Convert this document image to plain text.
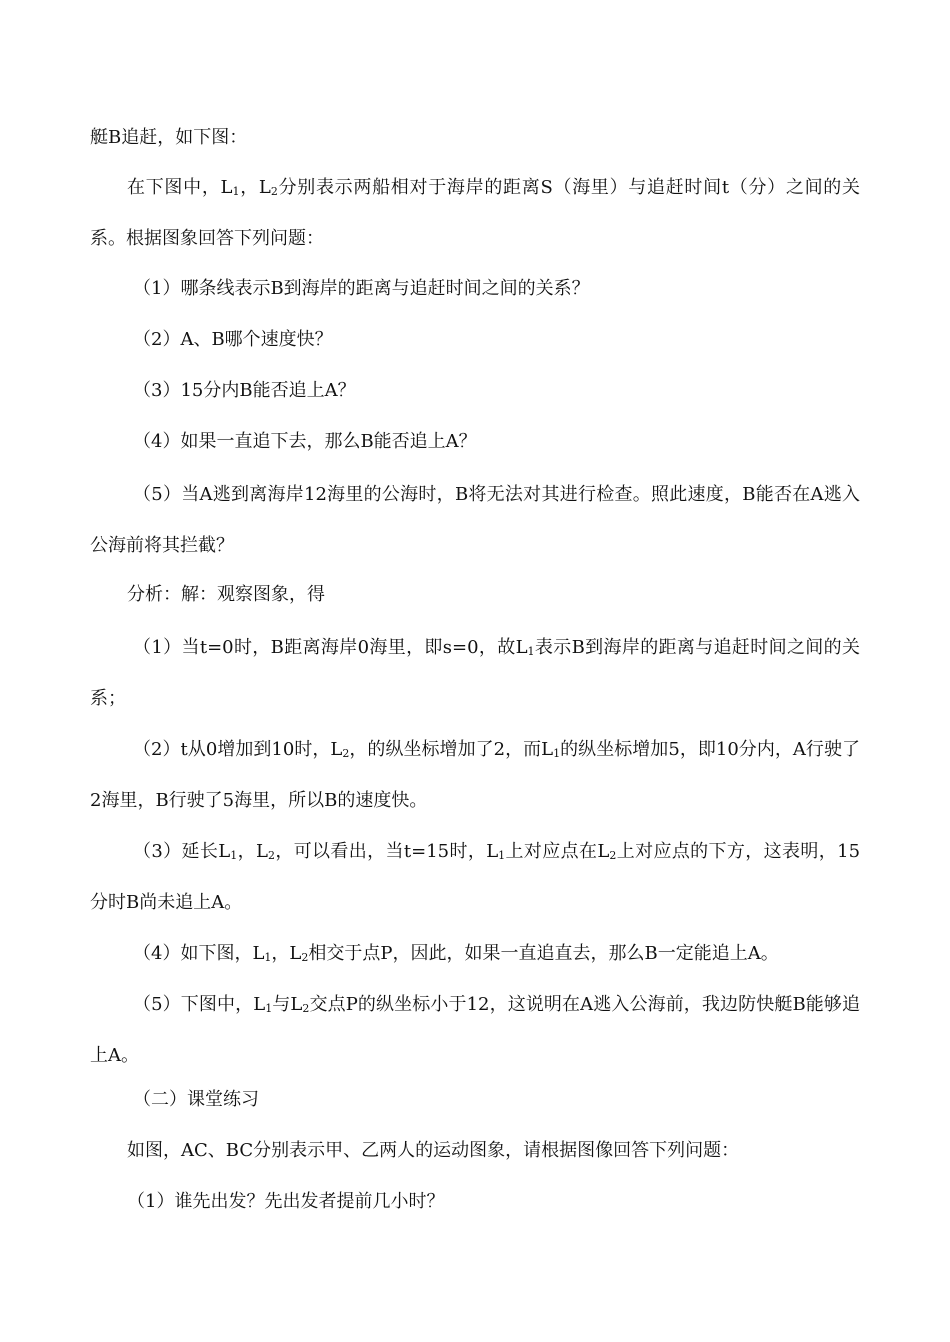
艇B追赶，如下图：
在下图中，$L_1$，$L_2$分别表示两船相对于海岸的距离S（海里）与追赶时间t（分）之间的关系。根据图象回答下列问题：
（1）哪条线表示B到海岸的距离与追赶时间之间的关系？
（2）A、B哪个速度快？
（3）15分内B能否追上A？
（4）如果一直追下去，那么B能否追上A？
（5）当A逃到离海岸12海里的公海时，B将无法对其进行检查。照此速度，B能否在A逃入公海前将其拦截？
分析：解：观察图象，得
（1）当t=0时，B距离海岸0海里，即s=0，故$L_1$表示B到海岸的距离与追赶时间之间的关系；
（2）t从0增加到10时，$L_2$，的纵坐标增加了2，而$L_1$的纵坐标增加5，即10分内，A行驶了2海里，B行驶了5海里，所以B的速度快。
（3）延长$L_1$，$L_2$，可以看出，当t=15时，$L_1$上对应点在$L_2$上对应点的下方，这表明，15分时B尚未追上A。
（4）如下图，$L_1$，$L_2$相交于点P，因此，如果一直追直去，那么B一定能追上A。
（5）下图中，$L_1$与$L_2$交点P的纵坐标小于12，这说明在A逃入公海前，我边防快艇B能够追上A。
（二）课堂练习
如图，AC、BC分别表示甲、乙两人的运动图象，请根据图像回答下列问题：
（1）谁先出发？先出发者提前几小时？
